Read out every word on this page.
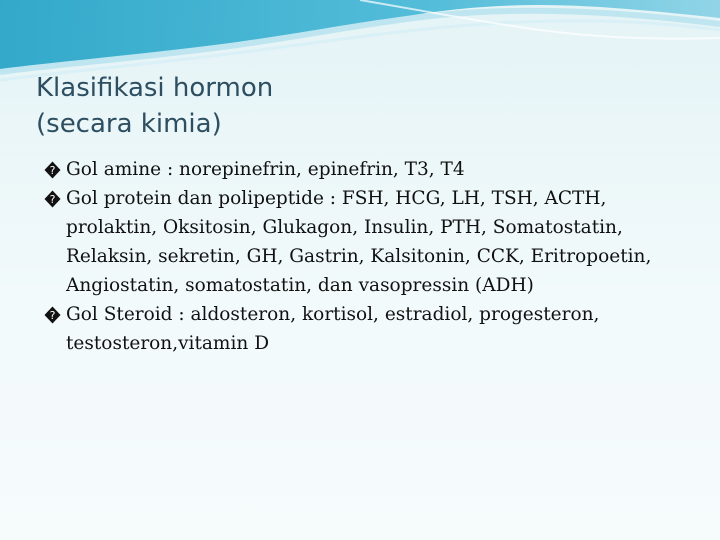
Klasifikasi hormon
(secara kimia)
? Gol amine : norepinefrin, epinefrin, T3, T4
? Gol protein dan polipeptide : FSH, HCG, LH, TSH, ACTH, prolaktin, Oksitosin, Glukagon, Insulin, PTH, Somatostatin, Relaksin, sekretin, GH, Gastrin, Kalsitonin, CCK, Eritropoetin, Angiostatin, somatostatin, dan vasopressin (ADH)
? Gol Steroid : aldosteron, kortisol, estradiol, progesteron, testosteron,vitamin D
